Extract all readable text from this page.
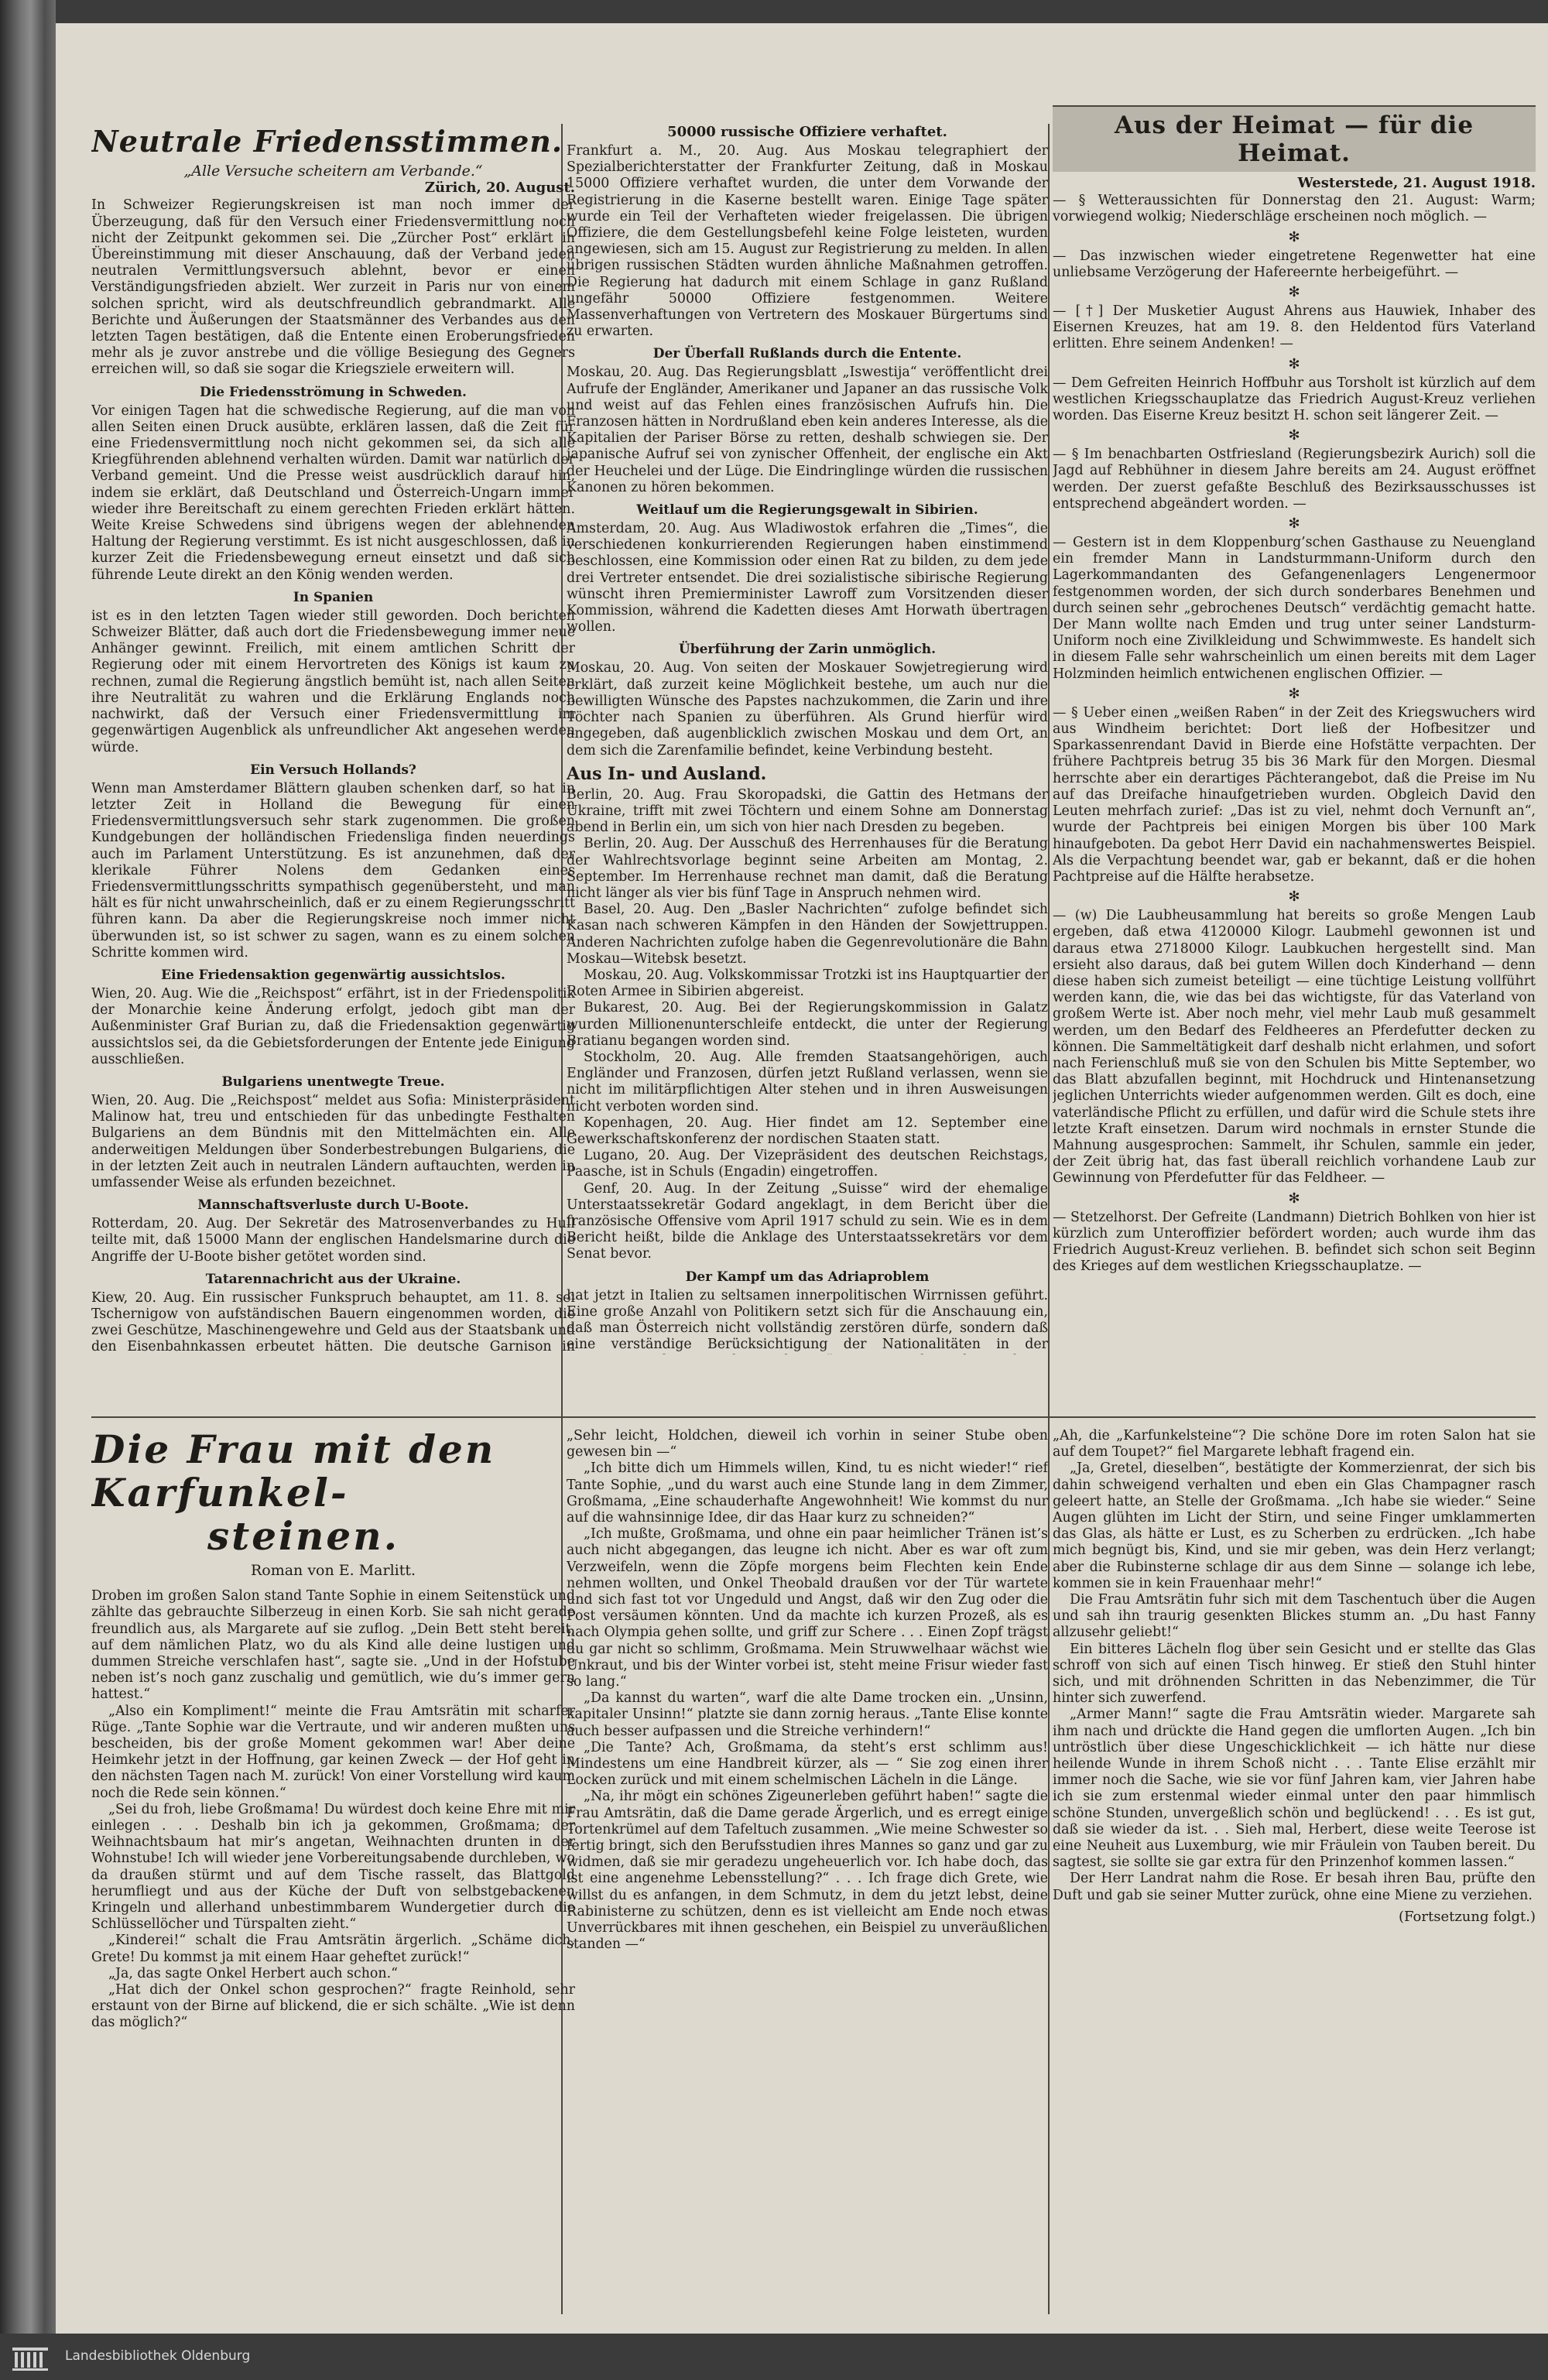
Neutrale Friedensstimmen.

„Alle Versuche scheitern am Verbande.“

Zürich, 20. August.

In Schweizer Regierungskreisen ist man noch immer der Überzeugung, daß für den Versuch einer Friedensvermittlung noch nicht der Zeitpunkt gekommen sei. Die „Zürcher Post“ erklärt in Übereinstimmung mit dieser Anschauung, daß der Verband jeden neutralen Vermittlungsversuch ablehnt, bevor er einen Verständigungsfrieden abzielt. Wer zurzeit in Paris nur von einem solchen spricht, wird als deutschfreundlich gebrandmarkt. Alle Berichte und Äußerungen der Staatsmänner des Verbandes aus den letzten Tagen bestätigen, daß die Entente einen Eroberungsfrieden mehr als je zuvor anstrebe und die völlige Besiegung des Gegners erreichen will, so daß sie sogar die Kriegsziele erweitern will.

Die Friedensströmung in Schweden.

Vor einigen Tagen hat die schwedische Regierung, auf die man von allen Seiten einen Druck ausübte, erklären lassen, daß die Zeit für eine Friedensvermittlung noch nicht gekommen sei, da sich alle Kriegführenden ablehnend verhalten würden. Damit war natürlich der Verband gemeint. Und die Presse weist ausdrücklich darauf hin, indem sie erklärt, daß Deutschland und Österreich-Ungarn immer wieder ihre Bereitschaft zu einem gerechten Frieden erklärt hätten. Weite Kreise Schwedens sind übrigens wegen der ablehnenden Haltung der Regierung verstimmt. Es ist nicht ausgeschlossen, daß in kurzer Zeit die Friedensbewegung erneut einsetzt und daß sich führende Leute direkt an den König wenden werden.

In Spanien

ist es in den letzten Tagen wieder still geworden. Doch berichten Schweizer Blätter, daß auch dort die Friedensbewegung immer neue Anhänger gewinnt. Freilich, mit einem amtlichen Schritt der Regierung oder mit einem Hervortreten des Königs ist kaum zu rechnen, zumal die Regierung ängstlich bemüht ist, nach allen Seiten ihre Neutralität zu wahren und die Erklärung Englands noch nachwirkt, daß der Versuch einer Friedensvermittlung im gegenwärtigen Augenblick als unfreundlicher Akt angesehen werden würde.

Ein Versuch Hollands?

Wenn man Amsterdamer Blättern glauben schenken darf, so hat in letzter Zeit in Holland die Bewegung für einen Friedensvermittlungsversuch sehr stark zugenommen. Die großen Kundgebungen der holländischen Friedensliga finden neuerdings auch im Parlament Unterstützung. Es ist anzunehmen, daß der klerikale Führer Nolens dem Gedanken eines Friedensvermittlungsschritts sympathisch gegenübersteht, und man hält es für nicht unwahrscheinlich, daß er zu einem Regierungsschritt führen kann. Da aber die Regierungskreise noch immer nicht überwunden ist, so ist schwer zu sagen, wann es zu einem solchen Schritte kommen wird.

Eine Friedensaktion gegenwärtig aussichtslos.

Wien, 20. Aug. Wie die „Reichspost“ erfährt, ist in der Friedenspolitik der Monarchie keine Änderung erfolgt, jedoch gibt man der Außenminister Graf Burian zu, daß die Friedensaktion gegenwärtig aussichtslos sei, da die Gebietsforderungen der Entente jede Einigung ausschließen.

Bulgariens unentwegte Treue.

Wien, 20. Aug. Die „Reichspost“ meldet aus Sofia: Ministerpräsident Malinow hat, treu und entschieden für das unbedingte Festhalten Bulgariens an dem Bündnis mit den Mittelmächten ein. Alle anderweitigen Meldungen über Sonderbestrebungen Bulgariens, die in der letzten Zeit auch in neutralen Ländern auftauchten, werden in umfassender Weise als erfunden bezeichnet.

Mannschaftsverluste durch U-Boote.

Rotterdam, 20. Aug. Der Sekretär des Matrosenverbandes zu Hull teilte mit, daß 15000 Mann der englischen Handelsmarine durch die Angriffe der U-Boote bisher getötet worden sind.

Tatarennachricht aus der Ukraine.

Kiew, 20. Aug. Ein russischer Funkspruch behauptet, am 11. 8. sei Tschernigow von aufständischen Bauern eingenommen worden, die zwei Geschütze, Maschinengewehre und Geld aus der Staatsbank und den Eisenbahnkassen erbeutet hätten. Die deutsche Garnison in

50000 russische Offiziere verhaftet.

Frankfurt a. M., 20. Aug. Aus Moskau telegraphiert der Spezialberichterstatter der Frankfurter Zeitung, daß in Moskau 15000 Offiziere verhaftet wurden, die unter dem Vorwande der Registrierung in die Kaserne bestellt waren. Einige Tage später wurde ein Teil der Verhafteten wieder freigelassen. Die übrigen Offiziere, die dem Gestellungsbefehl keine Folge leisteten, wurden angewiesen, sich am 15. August zur Registrierung zu melden. In allen übrigen russischen Städten wurden ähnliche Maßnahmen getroffen. Die Regierung hat dadurch mit einem Schlage in ganz Rußland ungefähr 50000 Offiziere festgenommen. Weitere Massenverhaftungen von Vertretern des Moskauer Bürgertums sind zu erwarten.

Der Überfall Rußlands durch die Entente.

Moskau, 20. Aug. Das Regierungsblatt „Iswestija“ veröffentlicht drei Aufrufe der Engländer, Amerikaner und Japaner an das russische Volk und weist auf das Fehlen eines französischen Aufrufs hin. Die Franzosen hätten in Nordrußland eben kein anderes Interesse, als die Kapitalien der Pariser Börse zu retten, deshalb schwiegen sie. Der japanische Aufruf sei von zynischer Offenheit, der englische ein Akt der Heuchelei und der Lüge. Die Eindringlinge würden die russischen Kanonen zu hören bekommen.

Weitlauf um die Regierungsgewalt in Sibirien.

Amsterdam, 20. Aug. Aus Wladiwostok erfahren die „Times“, die verschiedenen konkurrierenden Regierungen haben einstimmend beschlossen, eine Kommission oder einen Rat zu bilden, zu dem jede drei Vertreter entsendet. Die drei sozialistische sibirische Regierung wünscht ihren Premierminister Lawroff zum Vorsitzenden dieser Kommission, während die Kadetten dieses Amt Horwath übertragen wollen.

Überführung der Zarin unmöglich.

Moskau, 20. Aug. Von seiten der Moskauer Sowjetregierung wird erklärt, daß zurzeit keine Möglichkeit bestehe, um auch nur die bewilligten Wünsche des Papstes nachzukommen, die Zarin und ihre Töchter nach Spanien zu überführen. Als Grund hierfür wird angegeben, daß augenblicklich zwischen Moskau und dem Ort, an dem sich die Zarenfamilie befindet, keine Verbindung besteht.

Aus In- und Ausland.

Berlin, 20. Aug. Frau Skoropadski, die Gattin des Hetmans der Ukraine, trifft mit zwei Töchtern und einem Sohne am Donnerstag abend in Berlin ein, um sich von hier nach Dresden zu begeben.

Berlin, 20. Aug. Der Ausschuß des Herrenhauses für die Beratung der Wahlrechtsvorlage beginnt seine Arbeiten am Montag, 2. September. Im Herrenhause rechnet man damit, daß die Beratung nicht länger als vier bis fünf Tage in Anspruch nehmen wird.

Basel, 20. Aug. Den „Basler Nachrichten“ zufolge befindet sich Kasan nach schweren Kämpfen in den Händen der Sowjettruppen. Anderen Nachrichten zufolge haben die Gegenrevolutionäre die Bahn Moskau—Witebsk besetzt.

Moskau, 20. Aug. Volkskommissar Trotzki ist ins Hauptquartier der Roten Armee in Sibirien abgereist.

Bukarest, 20. Aug. Bei der Regierungskommission in Galatz wurden Millionenunterschleife entdeckt, die unter der Regierung Bratianu begangen worden sind.

Stockholm, 20. Aug. Alle fremden Staatsangehörigen, auch Engländer und Franzosen, dürfen jetzt Rußland verlassen, wenn sie nicht im militärpflichtigen Alter stehen und in ihren Ausweisungen nicht verboten worden sind.

Kopenhagen, 20. Aug. Hier findet am 12. September eine Gewerkschaftskonferenz der nordischen Staaten statt.

Lugano, 20. Aug. Der Vizepräsident des deutschen Reichstags, Paasche, ist in Schuls (Engadin) eingetroffen.

Genf, 20. Aug. In der Zeitung „Suisse“ wird der ehemalige Unterstaatssekretär Godard angeklagt, in dem Bericht über die französische Offensive vom April 1917 schuld zu sein. Wie es in dem Bericht heißt, bilde die Anklage des Unterstaatssekretärs vor dem Senat bevor.

Der Kampf um das Adriaproblem

hat jetzt in Italien zu seltsamen innerpolitischen Wirrnissen geführt. Eine große Anzahl von Politikern setzt sich für die Anschauung ein, daß man Österreich nicht vollständig zerstören dürfe, sondern daß eine verständige Berücksichtigung der Nationalitäten in der

Aus der Heimat — für die Heimat.

Westerstede, 21. August 1918.

— § Wetteraussichten für Donnerstag den 21. August: Warm; vorwiegend wolkig; Niederschläge erscheinen noch möglich. —

✻

— Das inzwischen wieder eingetretene Regenwetter hat eine unliebsame Verzögerung der Hafereernte herbeigeführt. —

✻

— [†] Der Musketier August Ahrens aus Hauwiek, Inhaber des Eisernen Kreuzes, hat am 19. 8. den Heldentod fürs Vaterland erlitten. Ehre seinem Andenken! —

✻

— Dem Gefreiten Heinrich Hoffbuhr aus Torsholt ist kürzlich auf dem westlichen Kriegsschauplatze das Friedrich August-Kreuz verliehen worden. Das Eiserne Kreuz besitzt H. schon seit längerer Zeit. —

✻

— § Im benachbarten Ostfriesland (Regierungsbezirk Aurich) soll die Jagd auf Rebhühner in diesem Jahre bereits am 24. August eröffnet werden. Der zuerst gefaßte Beschluß des Bezirksausschusses ist entsprechend abgeändert worden. —

✻

— Gestern ist in dem Kloppenburg’schen Gasthause zu Neuengland ein fremder Mann in Landsturmmann-Uniform durch den Lagerkommandanten des Gefangenenlagers Lengenermoor festgenommen worden, der sich durch sonderbares Benehmen und durch seinen sehr „gebrochenes Deutsch“ verdächtig gemacht hatte. Der Mann wollte nach Emden und trug unter seiner Landsturm-Uniform noch eine Zivilkleidung und Schwimmweste. Es handelt sich in diesem Falle sehr wahrscheinlich um einen bereits mit dem Lager Holzminden heimlich entwichenen englischen Offizier. —

✻

— § Ueber einen „weißen Raben“ in der Zeit des Kriegswuchers wird aus Windheim berichtet: Dort ließ der Hofbesitzer und Sparkassenrendant David in Bierde eine Hofstätte verpachten. Der frühere Pachtpreis betrug 35 bis 36 Mark für den Morgen. Diesmal herrschte aber ein derartiges Pächterangebot, daß die Preise im Nu auf das Dreifache hinaufgetrieben wurden. Obgleich David den Leuten mehrfach zurief: „Das ist zu viel, nehmt doch Vernunft an“, wurde der Pachtpreis bei einigen Morgen bis über 100 Mark hinaufgeboten. Da gebot Herr David ein nachahmenswertes Beispiel. Als die Verpachtung beendet war, gab er bekannt, daß er die hohen Pachtpreise auf die Hälfte herabsetze.

✻

— (w) Die Laubheusammlung hat bereits so große Mengen Laub ergeben, daß etwa 4120000 Kilogr. Laubmehl gewonnen ist und daraus etwa 2718000 Kilogr. Laubkuchen hergestellt sind. Man ersieht also daraus, daß bei gutem Willen doch Kinderhand — denn diese haben sich zumeist beteiligt — eine tüchtige Leistung vollführt werden kann, die, wie das bei das wichtigste, für das Vaterland von großem Werte ist. Aber noch mehr, viel mehr Laub muß gesammelt werden, um den Bedarf des Feldheeres an Pferdefutter decken zu können. Die Sammeltätigkeit darf deshalb nicht erlahmen, und sofort nach Ferienschluß muß sie von den Schulen bis Mitte September, wo das Blatt abzufallen beginnt, mit Hochdruck und Hintenansetzung jeglichen Unterrichts wieder aufgenommen werden. Gilt es doch, eine vaterländische Pflicht zu erfüllen, und dafür wird die Schule stets ihre letzte Kraft einsetzen. Darum wird nochmals in ernster Stunde die Mahnung ausgesprochen: Sammelt, ihr Schulen, sammle ein jeder, der Zeit übrig hat, das fast überall reichlich vorhandene Laub zur Gewinnung von Pferdefutter für das Feldheer. —

✻

— Stetzelhorst. Der Gefreite (Landmann) Dietrich Bohlken von hier ist kürzlich zum Unteroffizier befördert worden; auch wurde ihm das Friedrich August-Kreuz verliehen. B. befindet sich schon seit Beginn des Krieges auf dem westlichen Kriegsschauplatze. —

Die Frau mit den Karfunkel-
steinen.

Roman von E. Marlitt.

Droben im großen Salon stand Tante Sophie in einem Seitenstück und zählte das gebrauchte Silberzeug in einen Korb. Sie sah nicht gerade freundlich aus, als Margarete auf sie zuflog. „Dein Bett steht bereit, auf dem nämlichen Platz, wo du als Kind alle deine lustigen und dummen Streiche verschlafen hast“, sagte sie. „Und in der Hofstube neben ist’s noch ganz zuschalig und gemütlich, wie du’s immer gern hattest.“

„Also ein Kompliment!“ meinte die Frau Amtsrätin mit scharfer Rüge. „Tante Sophie war die Vertraute, und wir anderen mußten uns bescheiden, bis der große Moment gekommen war! Aber deine Heimkehr jetzt in der Hoffnung, gar keinen Zweck — der Hof geht in den nächsten Tagen nach M. zurück! Von einer Vorstellung wird kaum noch die Rede sein können.“

„Sei du froh, liebe Großmama! Du würdest doch keine Ehre mit mir einlegen . . . Deshalb bin ich ja gekommen, Großmama; der Weihnachtsbaum hat mir’s angetan, Weihnachten drunten in der Wohnstube! Ich will wieder jene Vorbereitungsabende durchleben, wo da draußen stürmt und auf dem Tische rasselt, das Blattgold herumfliegt und aus der Küche der Duft von selbstgebackenen Kringeln und allerhand unbestimmbarem Wundergetier durch die Schlüssellöcher und Türspalten zieht.“

„Kinderei!“ schalt die Frau Amtsrätin ärgerlich. „Schäme dich, Grete! Du kommst ja mit einem Haar geheftet zurück!“

„Ja, das sagte Onkel Herbert auch schon.“

„Hat dich der Onkel schon gesprochen?“ fragte Reinhold, sehr erstaunt von der Birne auf blickend, die er sich schälte. „Wie ist denn das möglich?“

„Sehr leicht, Holdchen, dieweil ich vorhin in seiner Stube oben gewesen bin —“

„Ich bitte dich um Himmels willen, Kind, tu es nicht wieder!“ rief Tante Sophie, „und du warst auch eine Stunde lang in dem Zimmer, Großmama, „Eine schauderhafte Angewohnheit! Wie kommst du nur auf die wahnsinnige Idee, dir das Haar kurz zu schneiden?“

„Ich mußte, Großmama, und ohne ein paar heimlicher Tränen ist’s auch nicht abgegangen, das leugne ich nicht. Aber es war oft zum Verzweifeln, wenn die Zöpfe morgens beim Flechten kein Ende nehmen wollten, und Onkel Theobald draußen vor der Tür wartete und sich fast tot vor Ungeduld und Angst, daß wir den Zug oder die Post versäumen könnten. Und da machte ich kurzen Prozeß, als es nach Olympia gehen sollte, und griff zur Schere . . . Einen Zopf trägst du gar nicht so schlimm, Großmama. Mein Struwwelhaar wächst wie Unkraut, und bis der Winter vorbei ist, steht meine Frisur wieder fast so lang.“

„Da kannst du warten“, warf die alte Dame trocken ein. „Unsinn, kapitaler Unsinn!“ platzte sie dann zornig heraus. „Tante Elise konnte auch besser aufpassen und die Streiche verhindern!“

„Die Tante? Ach, Großmama, da steht’s erst schlimm aus! Mindestens um eine Handbreit kürzer, als — “ Sie zog einen ihrer Locken zurück und mit einem schelmischen Lächeln in die Länge.

„Na, ihr mögt ein schönes Zigeunerleben geführt haben!“ sagte die Frau Amtsrätin, daß die Dame gerade Ärgerlich, und es erregt einige Tortenkrümel auf dem Tafeltuch zusammen. „Wie meine Schwester so fertig bringt, sich den Berufsstudien ihres Mannes so ganz und gar zu widmen, daß sie mir geradezu ungeheuerlich vor. Ich habe doch, das ist eine angenehme Lebensstellung?“ . . . Ich frage dich Grete, wie willst du es anfangen, in dem Schmutz, in dem du jetzt lebst, deine Rabinisterne zu schützen, denn es ist vielleicht am Ende noch etwas Unverrückbares mit ihnen geschehen, ein Beispiel zu unveräußlichen standen —“

„Ah, die „Karfunkelsteine“? Die schöne Dore im roten Salon hat sie auf dem Toupet?“ fiel Margarete lebhaft fragend ein.

„Ja, Gretel, dieselben“, bestätigte der Kommerzienrat, der sich bis dahin schweigend verhalten und eben ein Glas Champagner rasch geleert hatte, an Stelle der Großmama. „Ich habe sie wieder.“ Seine Augen glühten im Licht der Stirn, und seine Finger umklammerten das Glas, als hätte er Lust, es zu Scherben zu erdrücken. „Ich habe mich begnügt bis, Kind, und sie mir geben, was dein Herz verlangt; aber die Rubinsterne schlage dir aus dem Sinne — solange ich lebe, kommen sie in kein Frauenhaar mehr!“

Die Frau Amtsrätin fuhr sich mit dem Taschentuch über die Augen und sah ihn traurig gesenkten Blickes stumm an. „Du hast Fanny allzusehr geliebt!“

Ein bitteres Lächeln flog über sein Gesicht und er stellte das Glas schroff von sich auf einen Tisch hinweg. Er stieß den Stuhl hinter sich, und mit dröhnenden Schritten in das Nebenzimmer, die Tür hinter sich zuwerfend.

„Armer Mann!“ sagte die Frau Amtsrätin wieder. Margarete sah ihm nach und drückte die Hand gegen die umflorten Augen. „Ich bin untröstlich über diese Ungeschicklichkeit — ich hätte nur diese heilende Wunde in ihrem Schoß nicht . . . Tante Elise erzählt mir immer noch die Sache, wie sie vor fünf Jahren kam, vier Jahren habe ich sie zum erstenmal wieder einmal unter den paar himmlisch schöne Stunden, unvergeßlich schön und beglückend! . . . Es ist gut, daß sie wieder da ist. . . Sieh mal, Herbert, diese weite Teerose ist eine Neuheit aus Luxemburg, wie mir Fräulein von Tauben bereit. Du sagtest, sie sollte sie gar extra für den Prinzenhof kommen lassen.“

Der Herr Landrat nahm die Rose. Er besah ihren Bau, prüfte den Duft und gab sie seiner Mutter zurück, ohne eine Miene zu verziehen.

(Fortsetzung folgt.)

Landesbibliothek Oldenburg
